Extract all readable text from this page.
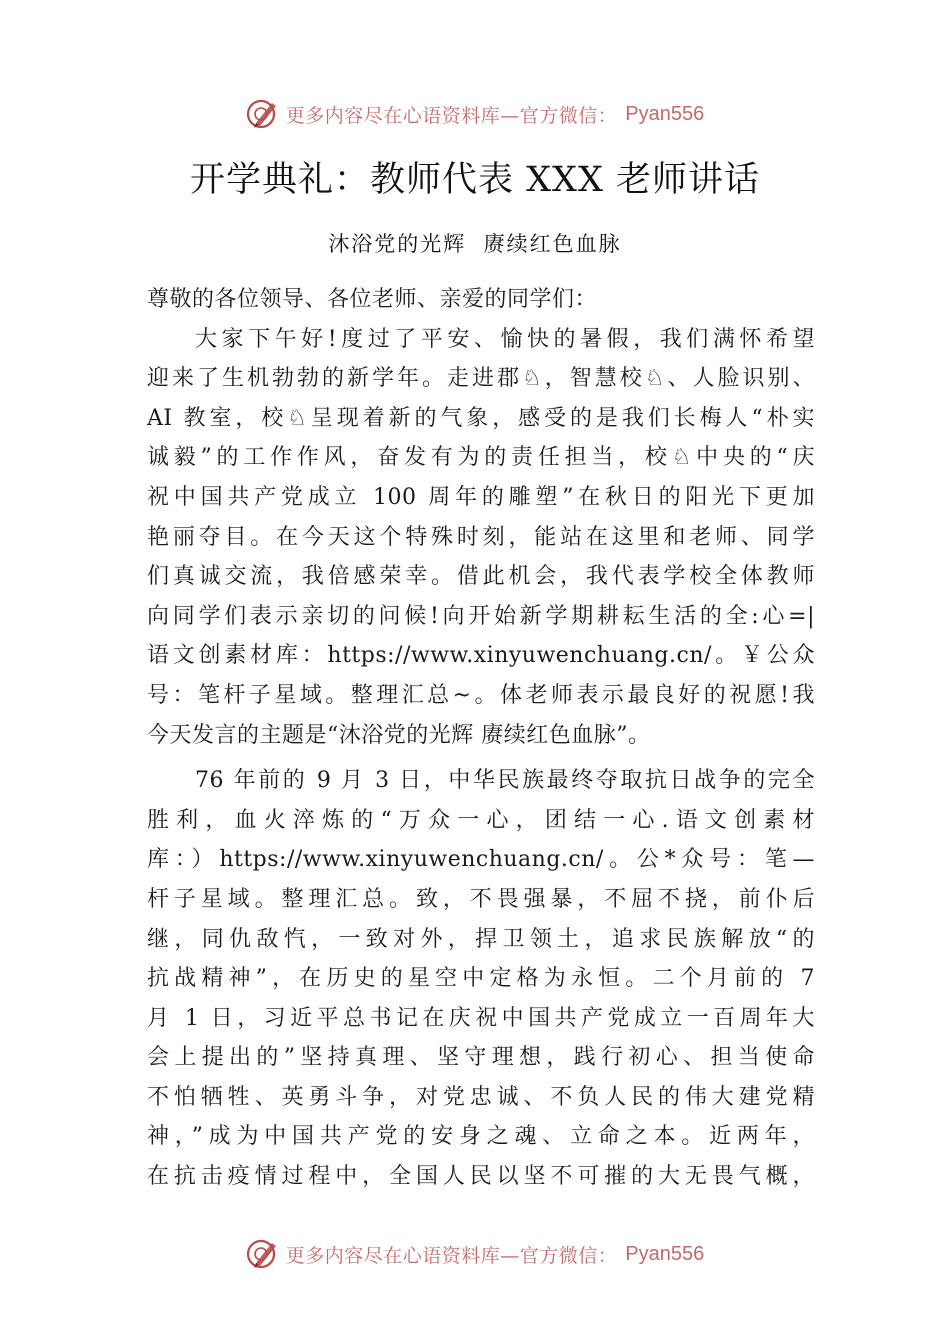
更多内容尽在心语资料库—官方微信： Pyan556
开学典礼：教师代表 XXX 老师讲话
沐浴党的光辉  赓续红色血脉
尊敬的各位领导、各位老师、亲爱的同学们：
大家下午好!度过了平安、愉快的暑假，我们满怀希望
迎来了生机勃勃的新学年。走进郡♘，智慧校♘、人脸识别、
AI 教室，校♘呈现着新的气象，感受的是我们长梅人“朴实
诚毅”的工作作风，奋发有为的责任担当，校♘中央的“庆
祝中国共产党成立 100 周年的雕塑”在秋日的阳光下更加
艳丽夺目。在今天这个特殊时刻，能站在这里和老师、同学
们真诚交流，我倍感荣幸。借此机会，我代表学校全体教师
向同学们表示亲切的问候!向开始新学期耕耘生活的全:心=|
语文创素材库：https://www.xinyuwenchuang.cn/。￥公众
号：笔杆子星域。整理汇总~。体老师表示最良好的祝愿!我
今天发言的主题是“沐浴党的光辉 赓续红色血脉”。
76 年前的 9 月 3 日，中华民族最终夺取抗日战争的完全
胜利，血火淬炼的“万众一心，团结一心.语文创素材
库：）https://www.xinyuwenchuang.cn/。公*众号：笔—
杆子星域。整理汇总。致，不畏强暴，不屈不挠，前仆后
继，同仇敌忾，一致对外，捍卫领土，追求民族解放“的
抗战精神”，在历史的星空中定格为永恒。二个月前的 7
月 1 日，习近平总书记在庆祝中国共产党成立一百周年大
会上提出的”坚持真理、坚守理想，践行初心、担当使命
不怕牺牲、英勇斗争，对党忠诚、不负人民的伟大建党精
神，”成为中国共产党的安身之魂、立命之本。近两年，
在抗击疫情过程中，全国人民以坚不可摧的大无畏气概，
更多内容尽在心语资料库—官方微信： Pyan556
